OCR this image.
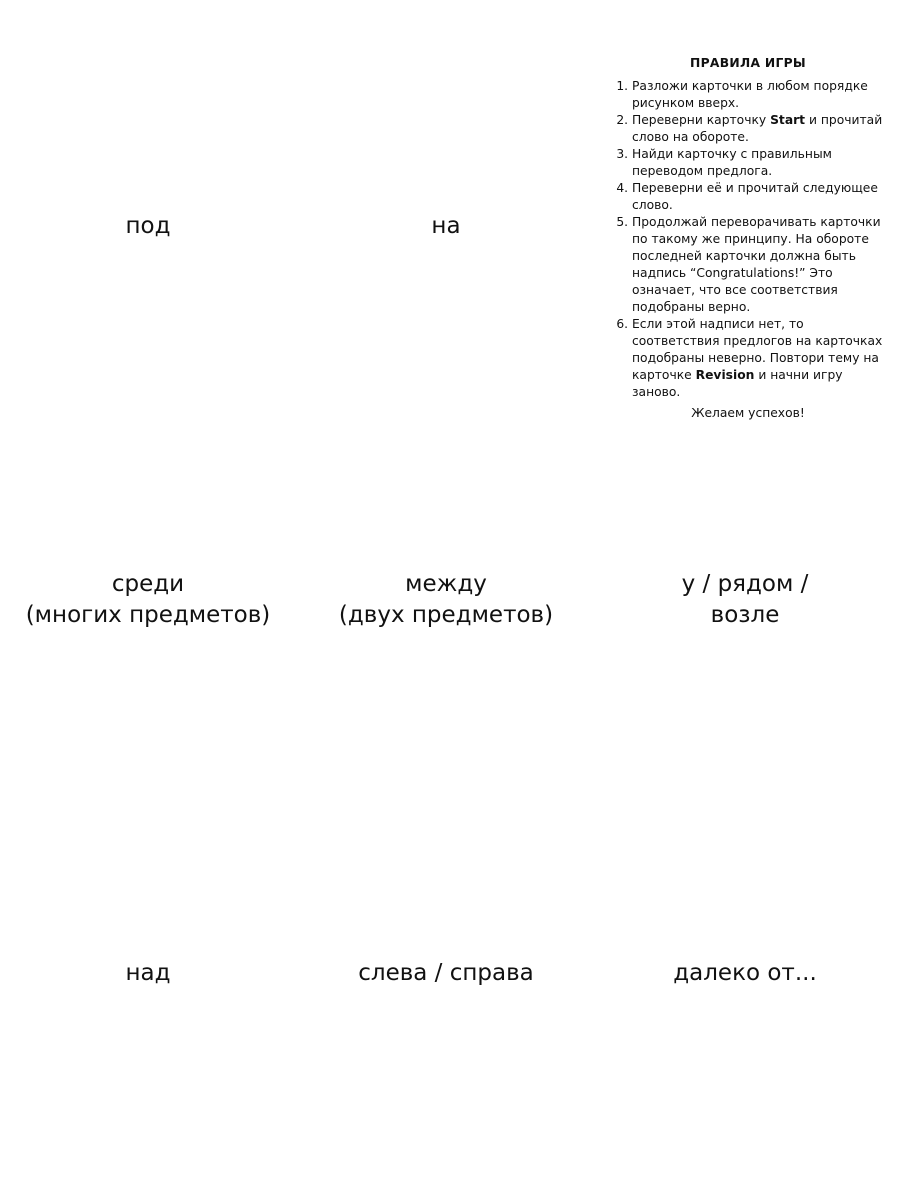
под	на
ПРАВИЛА ИГРЫ
1. Разложи карточки в любом порядке рисунком вверх.
2. Переверни карточку Start и прочитай слово на обороте.
3. Найди карточку с правильным переводом предлога.
4. Переверни её и прочитай следующее слово.
5. Продолжай переворачивать карточки по такому же принципу. На обороте последней карточки должна быть надпись “Congratulations!” Это означает, что все соответствия подобраны верно.
6. Если этой надписи нет, то соответствия предлогов на карточках подобраны неверно. Повтори тему на карточке Revision и начни игру заново.
Желаем успехов!
среди
(многих предметов)
между
(двух предметов)
у / рядом /
возле
над	слева / справа	далеко от...
